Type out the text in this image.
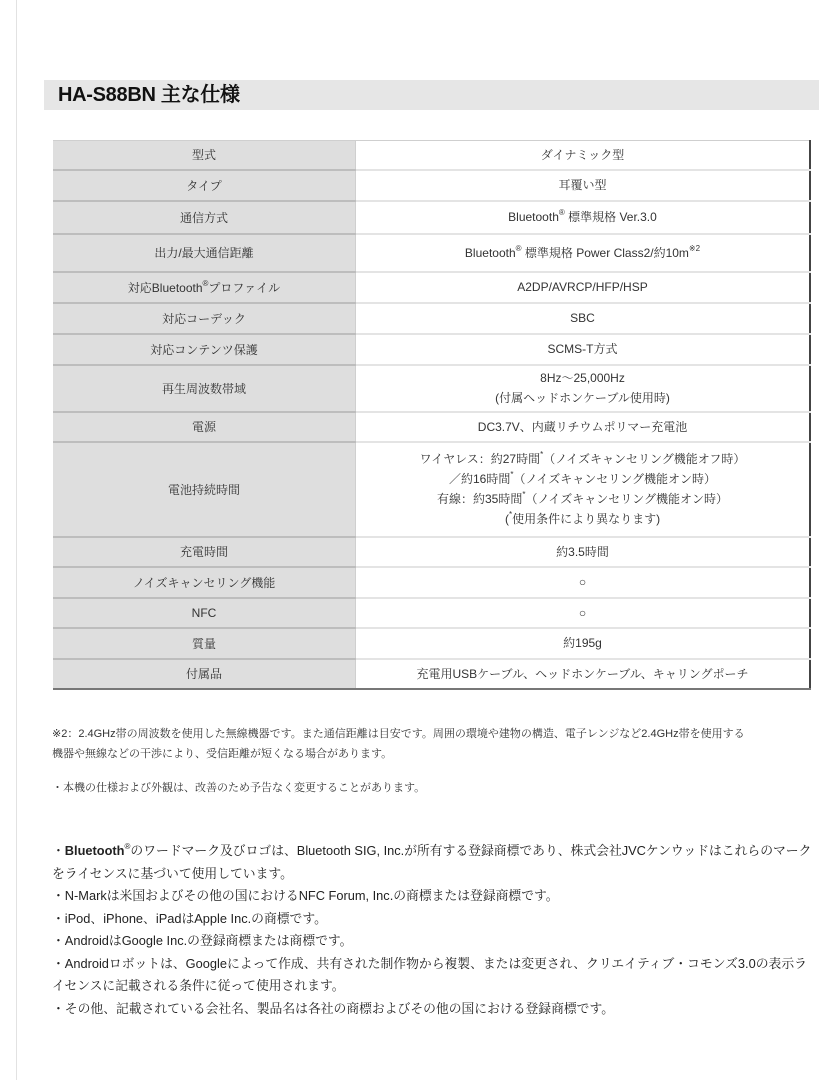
HA-S88BN 主な仕様
型式	ダイナミック型

タイプ	耳覆い型

通信方式	Bluetooth® 標準規格 Ver.3.0

出力/最大通信距離	Bluetooth® 標準規格 Power Class2/約$10m^{※2}$

対応Bluetooth®プロファイル	A2DP/AVRCP/HFP/HSP

対応コーデック	SBC

対応コンテンツ保護	SCMS-T方式

再生周波数帯域	8Hz〜25,000Hz
(付属ヘッドホンケーブル使用時)

電源	DC3.7V、内蔵リチウムポリマー充電池

電池持続時間	ワイヤレス：約27時間*（ノイズキャンセリング機能オフ時）
／約16時間*（ノイズキャンセリング機能オン時）
有線：約35時間*（ノイズキャンセリング機能オン時）
(*使用条件により異なります)

充電時間	約3.5時間

ノイズキャンセリング機能	○

NFC	○

質量	約195g

付属品	充電用USBケーブル、ヘッドホンケーブル、キャリングポーチ

※2：2.4GHz帯の周波数を使用した無線機器です。また通信距離は目安です。周囲の環境や建物の構造、電子レンジなど2.4GHz帯を使用する

機器や無線などの干渉により、受信距離が短くなる場合があります。

・本機の仕様および外観は、改善のため予告なく変更することがあります。

・Bluetooth®のワードマーク及びロゴは、Bluetooth SIG, Inc.が所有する登録商標であり、株式会社JVCケンウッドはこれらのマークをライセンスに基づいて使用しています。

・N-Markは米国およびその他の国におけるNFC Forum, Inc.の商標または登録商標です。

・iPod、iPhone、iPadはApple Inc.の商標です。

・AndroidはGoogle Inc.の登録商標または商標です。

・Androidロボットは、Googleによって作成、共有された制作物から複製、または変更され、クリエイティブ・コモンズ3.0の表示ライセンスに記載される条件に従って使用されます。

・その他、記載されている会社名、製品名は各社の商標およびその他の国における登録商標です。
